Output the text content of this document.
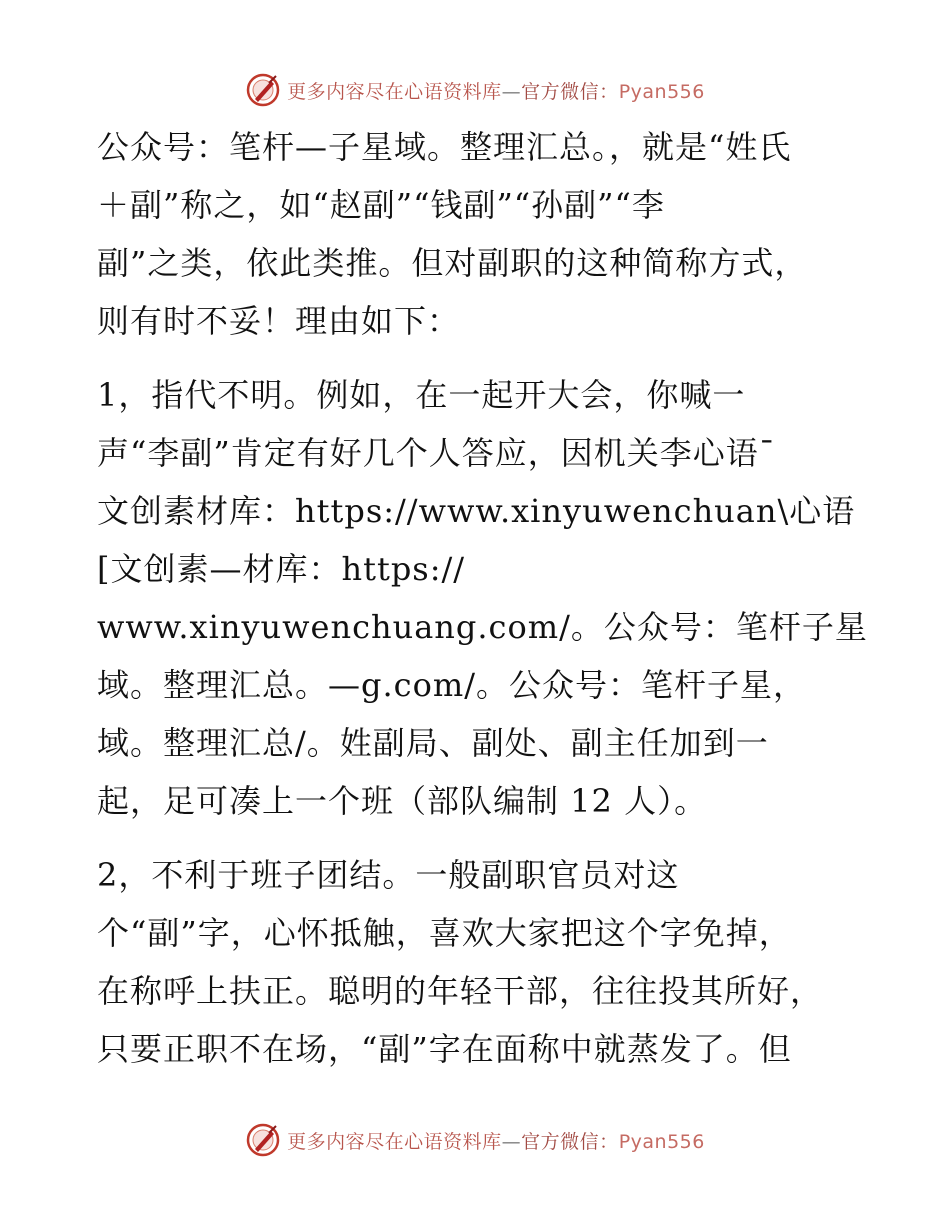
更多内容尽在心语资料库—官方微信：Pyan556
公众号：笔杆—子星域。整理汇总。，就是“姓氏
＋副”称之，如“赵副”“钱副”“孙副”“李
副”之类，依此类推。但对副职的这种简称方式，
则有时不妥！理由如下：
1，指代不明。例如，在一起开大会，你喊一
声“李副”肯定有好几个人答应，因机关李心语¯
文创素材库：https://www.xinyuwenchuan\心语
[文创素—材库：https://
www.xinyuwenchuang.com/。公众号：笔杆子星
域。整理汇总。—g.com/。公众号：笔杆子星，
域。整理汇总/。姓副局、副处、副主任加到一
起，足可凑上一个班（部队编制 12 人）。
2，不利于班子团结。一般副职官员对这
个“副”字，心怀抵触，喜欢大家把这个字免掉，
在称呼上扶正。聪明的年轻干部，往往投其所好，
只要正职不在场，“副”字在面称中就蒸发了。但
更多内容尽在心语资料库—官方微信：Pyan556
